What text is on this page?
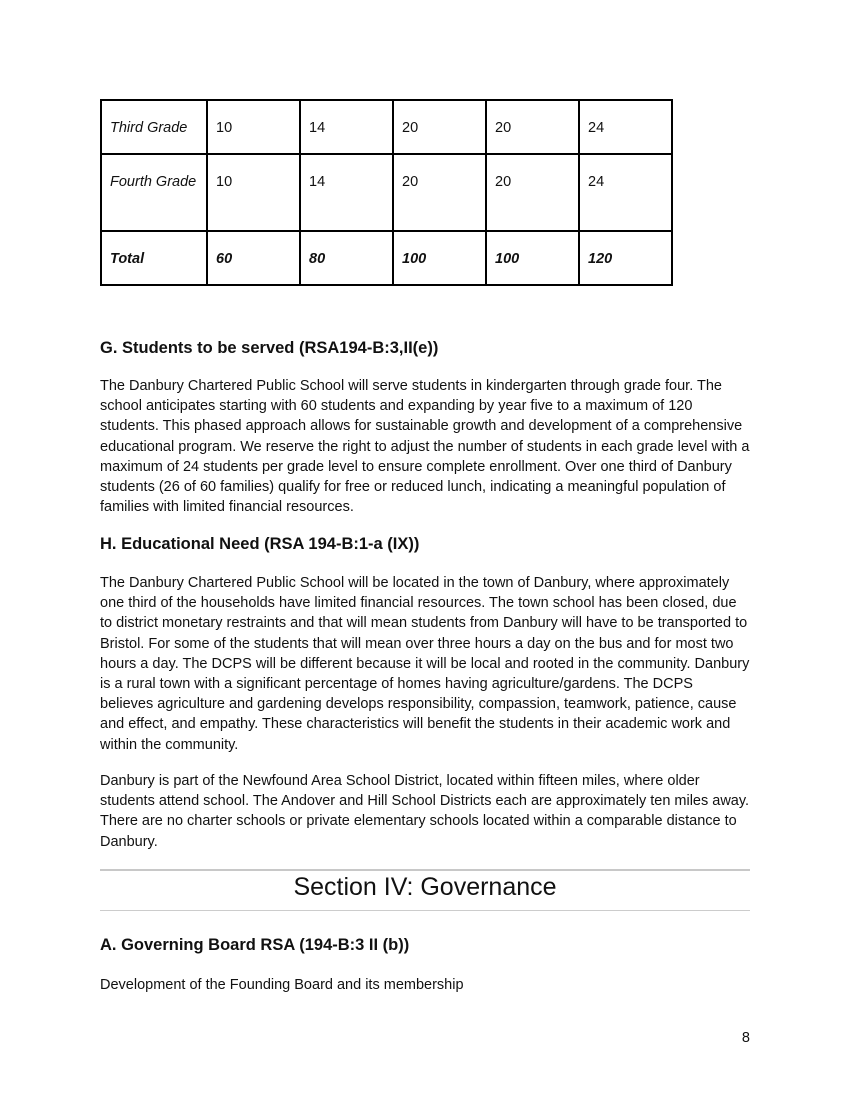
Third Grade	10	14	20	20	24
Fourth Grade	10	14	20	20	24
Total	60	80	100	100	120
G. Students to be served (RSA194-B:3,II(e))

The Danbury Chartered Public School will serve students in kindergarten through grade four. The school anticipates starting with 60 students and expanding by year five to a maximum of 120 students. This phased approach allows for sustainable growth and development of a comprehensive educational program. We reserve the right to adjust the number of students in each grade level with a maximum of 24 students per grade level to ensure complete enrollment. Over one third of Danbury students (26 of 60 families) qualify for free or reduced lunch, indicating a meaningful population of families with limited financial resources.

H. Educational Need (RSA 194-B:1-a (IX))

The Danbury Chartered Public School will be located in the town of Danbury, where approximately one third of the households have limited financial resources. The town school has been closed, due to district monetary restraints and that will mean students from Danbury will have to be transported to Bristol. For some of the students that will mean over three hours a day on the bus and for most two hours a day. The DCPS will be different because it will be local and rooted in the community. Danbury is a rural town with a significant percentage of homes having agriculture/gardens. The DCPS believes agriculture and gardening develops responsibility, compassion, teamwork, patience, cause and effect, and empathy. These characteristics will benefit the students in their academic work and within the community.

Danbury is part of the Newfound Area School District, located within fifteen miles, where older students attend school. The Andover and Hill School Districts each are approximately ten miles away. There are no charter schools or private elementary schools located within a comparable distance to Danbury.

Section IV: Governance
A. Governing Board RSA (194-B:3 II (b))

Development of the Founding Board and its membership

8
